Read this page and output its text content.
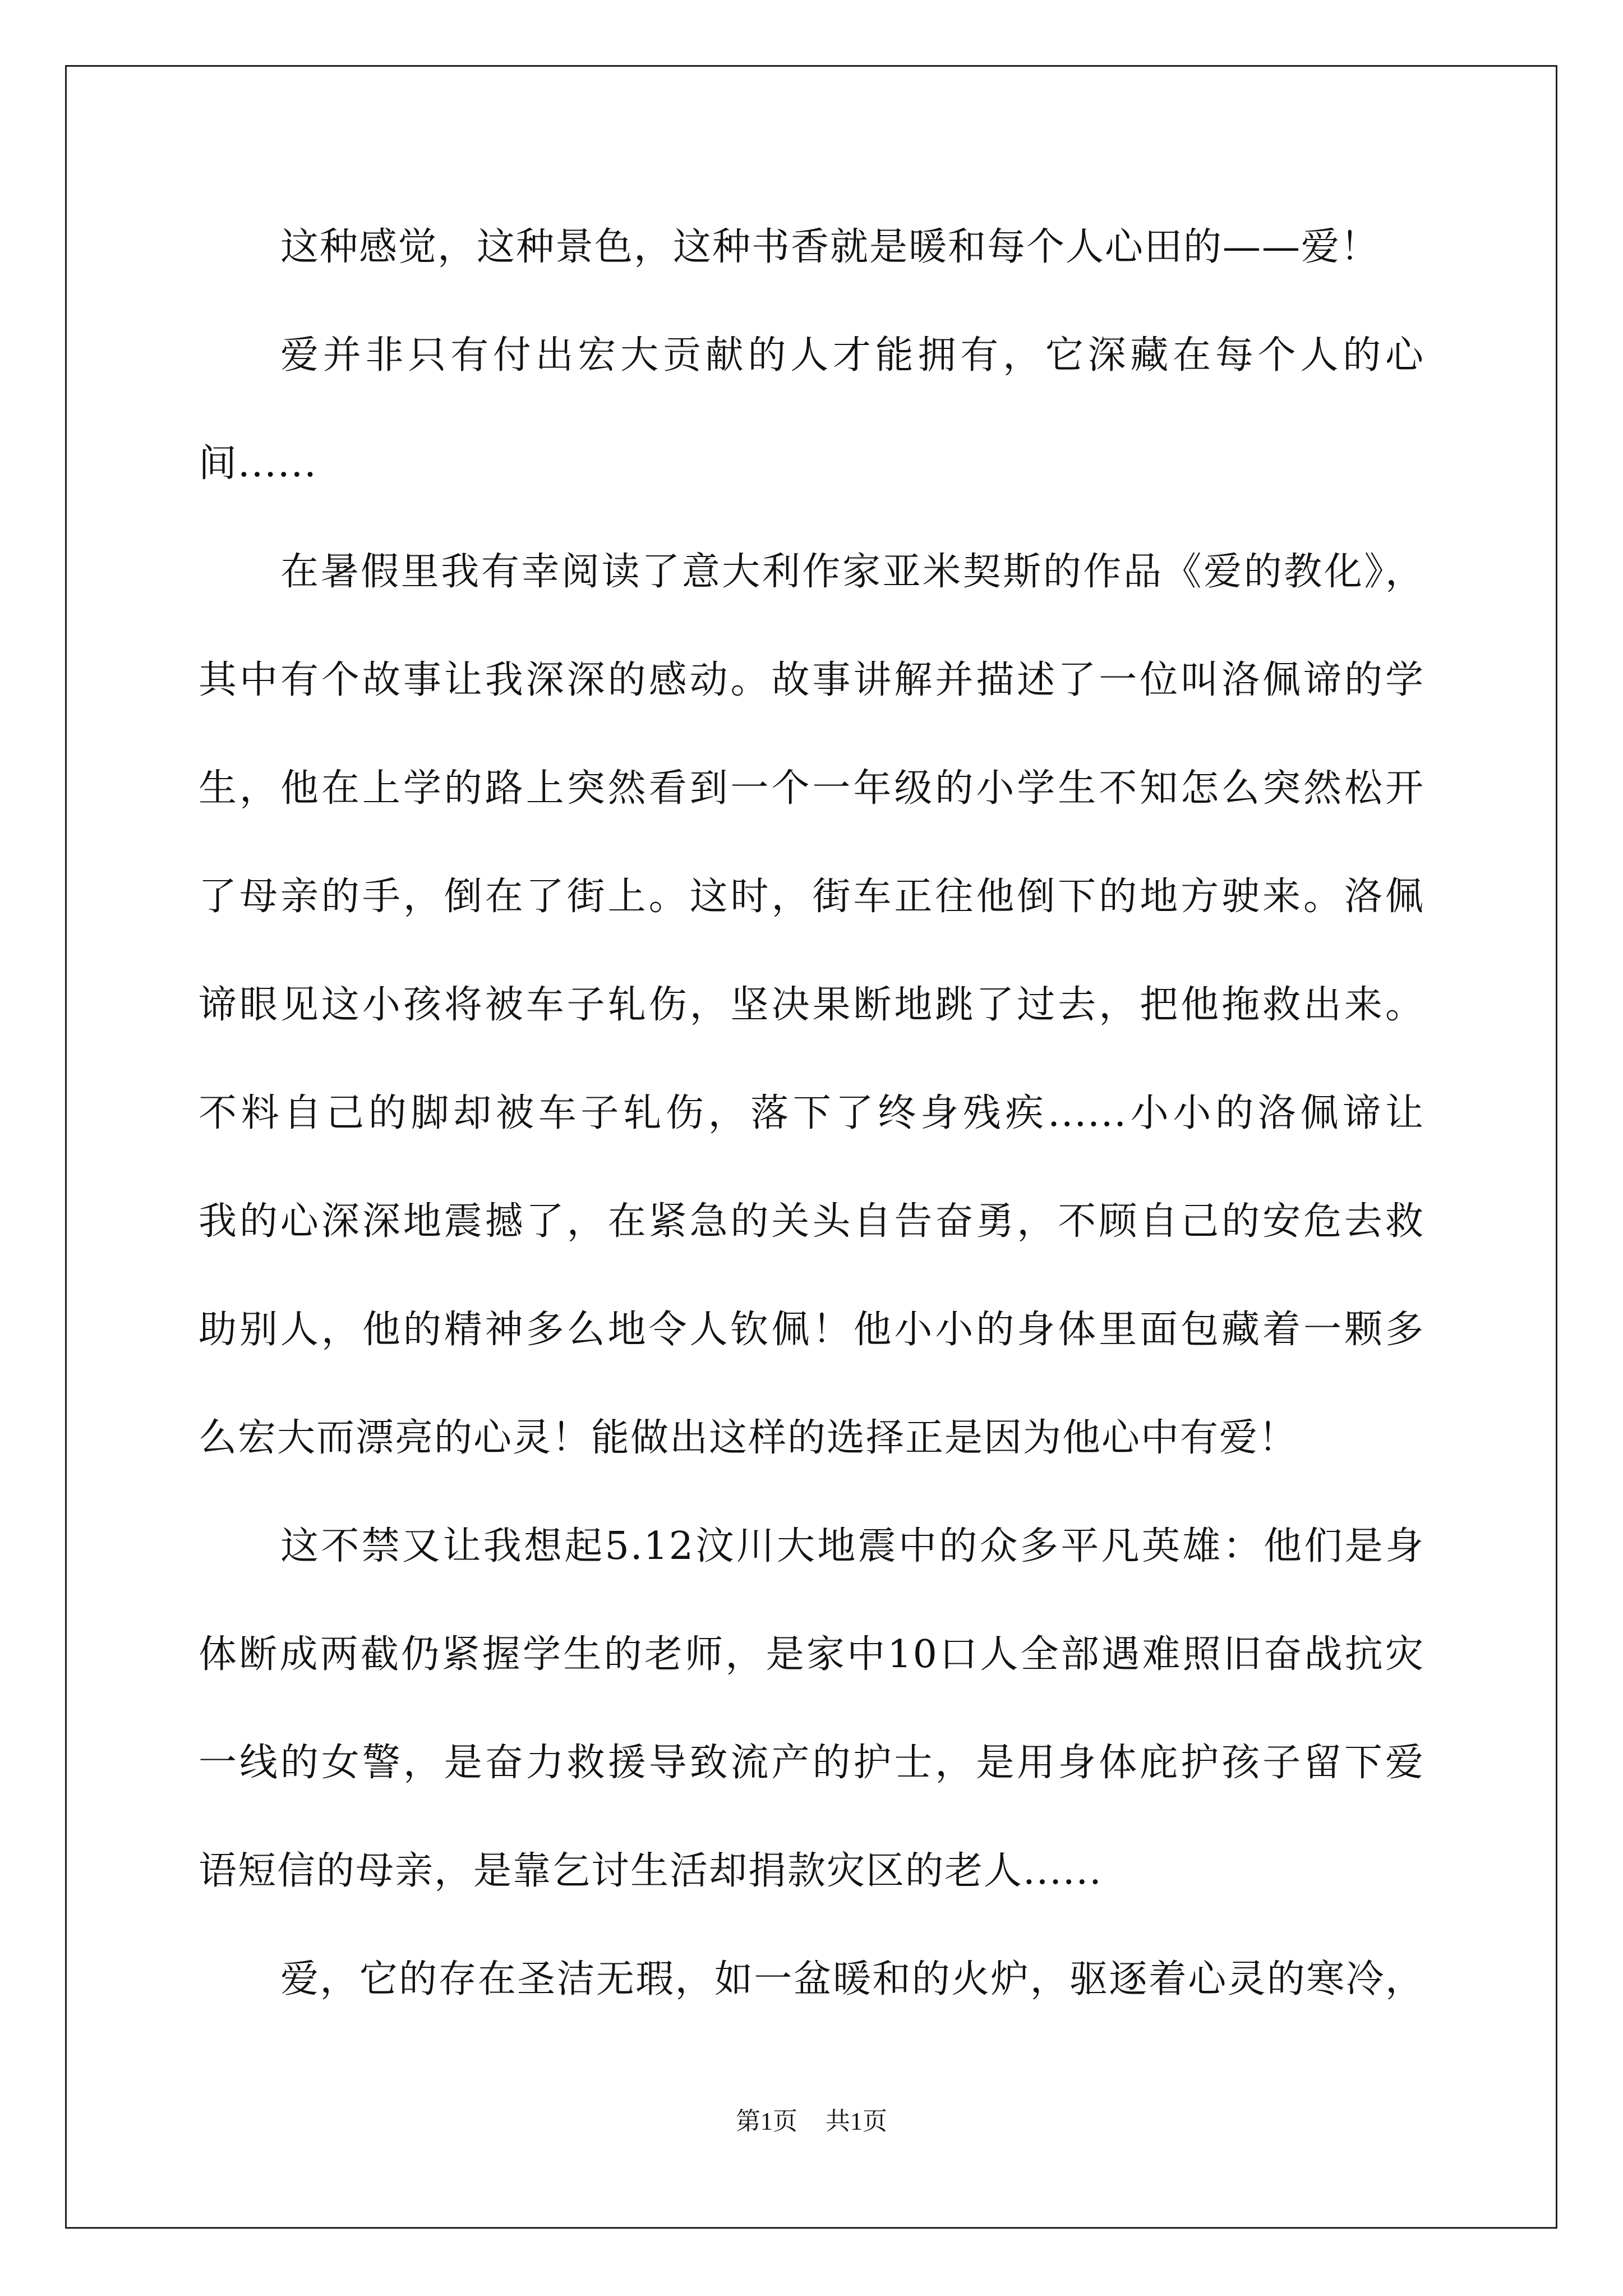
这种感觉，这种景色，这种书香就是暖和每个人心田的——爱！
爱并非只有付出宏大贡献的人才能拥有，它深藏在每个人的心
间......
在暑假里我有幸阅读了意大利作家亚米契斯的作品《爱的教化》，
其中有个故事让我深深的感动。故事讲解并描述了一位叫洛佩谛的学
生，他在上学的路上突然看到一个一年级的小学生不知怎么突然松开
了母亲的手，倒在了街上。这时，街车正往他倒下的地方驶来。洛佩
谛眼见这小孩将被车子轧伤，坚决果断地跳了过去，把他拖救出来。
不料自己的脚却被车子轧伤，落下了终身残疾......小小的洛佩谛让
我的心深深地震撼了，在紧急的关头自告奋勇，不顾自己的安危去救
助别人，他的精神多么地令人钦佩！他小小的身体里面包藏着一颗多
么宏大而漂亮的心灵！能做出这样的选择正是因为他心中有爱！
这不禁又让我想起5.12汶川大地震中的众多平凡英雄：他们是身
体断成两截仍紧握学生的老师，是家中10口人全部遇难照旧奋战抗灾
一线的女警，是奋力救援导致流产的护士，是用身体庇护孩子留下爱
语短信的母亲，是靠乞讨生活却捐款灾区的老人......
爱，它的存在圣洁无瑕，如一盆暖和的火炉，驱逐着心灵的寒冷，
第1页 共1页
